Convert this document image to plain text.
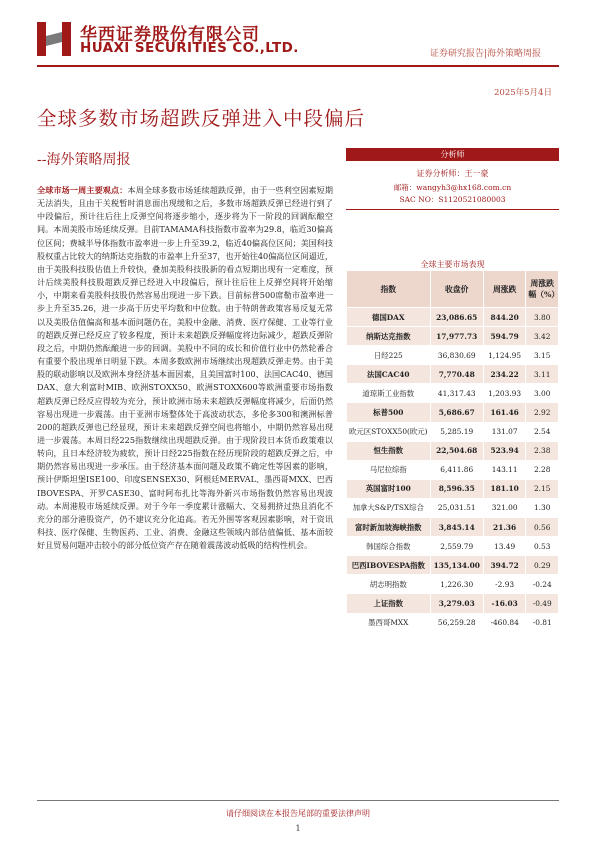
华西证券股份有限公司
HUAXI SECURITIES CO.,LTD.	证券研究报告|海外策略周报
2025年5月4日
全球多数市场超跌反弹进入中段偏后
--海外策略周报
全球市场一周主要观点：本周全球多数市场延续超跌反弹，由于一些利空因素短期无法消失，且由于关税暂时消息面出现缓和之后，多数市场超跌反弹已经进行到了中段偏后，预计往后往上反弹空间将逐步缩小，逐步将为下一阶段的回调酝酿空间。本周美股市场延续反弹。目前TAMAMA科技指数市盈率为29.8，临近30偏高位区间；费城半导体指数市盈率进一步上升至39.2，临近40偏高位区间；美国科技股权重占比较大的纳斯达克指数的市盈率上升至37，也开始往40偏高位区间逼近，由于美股科技股估值上升较快，叠加美股科技股新的看点短期出现有一定难度，预计后续美股科技股超跌反弹已经进入中段偏后，预计往后往上反弹空间将开始缩小，中期来看美股科技股仍然容易出现进一步下跌。目前标普500席勒市盈率进一步上升至35.26，进一步高于历史平均数和中位数。由于特朗普政策容易反复无常以及美股估值偏高和基本面问题仍在，美股中金融、消费、医疗保健、工业等行业的超跌反弹已经反应了较多程度，预计未来超跌反弹幅度将边际减少，超跌反弹阶段之后，中期仍然酝酿进一步的回调。美股中不同的成长和价值行业中仍然轮番合有重要个股出现单日明显下跌。本周多数欧洲市场继续出现超跌反弹走势。由于美股的联动影响以及欧洲本身经济基本面因素，且美国富时100、法国CAC40、德国DAX、意大利富时MIB、欧洲STOXX50、欧洲STOXX600等欧洲重要市场指数超跌反弹已经反应得较为充分，预计欧洲市场未来超跌反弹幅度将减少，后面仍然容易出现进一步震荡。由于亚洲市场整体处于高波动状态，多伦多300和澳洲标普200的超跌反弹也已经显现，预计未来超跌反弹空间也将缩小，中期仍然容易出现进一步震荡。本周日经225指数继续出现超跌反弹。由于现阶段日本货币政策难以转向，且日本经济较为疲软，预计日经225指数在经历现阶段的超跌反弹之后，中期仍然容易出现进一步承压。由于经济基本面问题及政策不确定性等因素的影响，预计伊斯坦堡ISE100、印度SENSEX30、阿根廷MERVAL、墨西哥MXX、巴西IBOVESPA、开罗CASE30、富时阿布扎比等海外新兴市场指数仍然容易出现波动。本周港股市场延续反弹。对于今年一季度累计涨幅大、交易拥挤过热且消化不充分的部分港股资产，仍不建议充分化追高。若无外围等客观因素影响，对于资讯科技、医疗保健、生物医药、工业、消费、金融这些领域内部估值偏低、基本面较好且贸易问题冲击较小的部分低位资产存在随着震荡波动低吸的结构性机会。
分析师
证券分析师：王一豪
邮箱：wangyh3@hx168.com.cn
SAC NO：S1120521080003
全球主要市场表现
指数	收盘价	周涨跌	周涨跌幅（%）
德国DAX	23,086.65	844.20	3.80
纳斯达克指数	17,977.73	594.79	3.42
日经225	36,830.69	1,124.95	3.15
法国CAC40	7,770.48	234.22	3.11
道琼斯工业指数	41,317.43	1,203.93	3.00
标普500	5,686.67	161.46	2.92
欧元区STOXX50(欧元)	5,285.19	131.07	2.54
恒生指数	22,504.68	523.94	2.38
马尼拉综指	6,411.86	143.11	2.28
英国富时100	8,596.35	181.10	2.15
加拿大S&P/TSX综合	25,031.51	321.00	1.30
富时新加坡海峡指数	3,845.14	21.36	0.56
韩国综合指数	2,559.79	13.49	0.53
巴西IBOVESPA指数	135,134.00	394.72	0.29
胡志明指数	1,226.30	-2.93	-0.24
上证指数	3,279.03	-16.03	-0.49
墨西哥MXX	56,259.28	-460.84	-0.81
请仔细阅读在本报告尾部的重要法律声明
1
